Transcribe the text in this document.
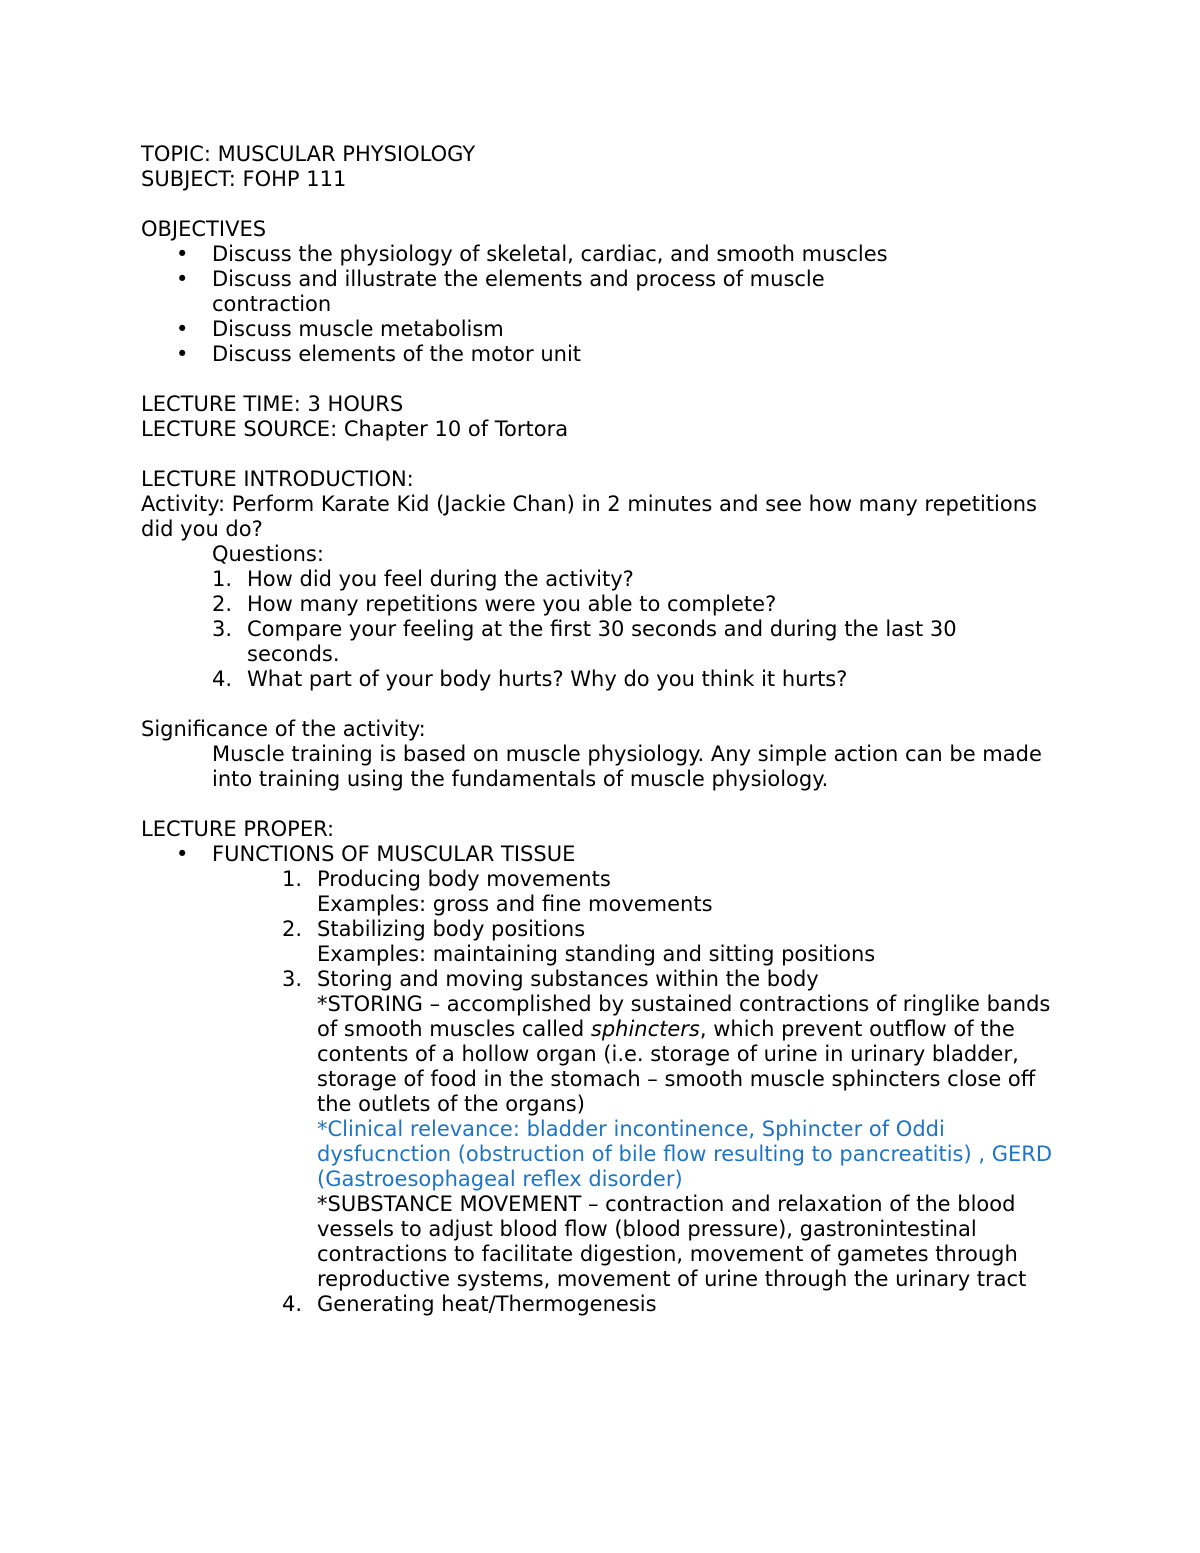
TOPIC: MUSCULAR PHYSIOLOGY
SUBJECT: FOHP 111
OBJECTIVES
• Discuss the physiology of skeletal, cardiac, and smooth muscles
• Discuss and illustrate the elements and process of muscle contraction
• Discuss muscle metabolism
• Discuss elements of the motor unit
LECTURE TIME: 3 HOURS
LECTURE SOURCE: Chapter 10 of Tortora
LECTURE INTRODUCTION:
Activity: Perform Karate Kid (Jackie Chan) in 2 minutes and see how many repetitions did you do?
Questions:
1. How did you feel during the activity?
2. How many repetitions were you able to complete?
3. Compare your feeling at the first 30 seconds and during the last 30 seconds.
4. What part of your body hurts? Why do you think it hurts?
Significance of the activity:
Muscle training is based on muscle physiology. Any simple action can be made into training using the fundamentals of muscle physiology.
LECTURE PROPER:
• FUNCTIONS OF MUSCULAR TISSUE
1. Producing body movements
Examples: gross and fine movements
2. Stabilizing body positions
Examples: maintaining standing and sitting positions
3. Storing and moving substances within the body
*STORING – accomplished by sustained contractions of ringlike bands of smooth muscles called sphincters, which prevent outflow of the contents of a hollow organ (i.e. storage of urine in urinary bladder, storage of food in the stomach – smooth muscle sphincters close off the outlets of the organs)
*Clinical relevance: bladder incontinence, Sphincter of Oddi dysfucnction (obstruction of bile flow resulting to pancreatitis) , GERD (Gastroesophageal reflex disorder)
*SUBSTANCE MOVEMENT – contraction and relaxation of the blood vessels to adjust blood flow (blood pressure), gastronintestinal contractions to facilitate digestion, movement of gametes through reproductive systems, movement of urine through the urinary tract
4. Generating heat/Thermogenesis
